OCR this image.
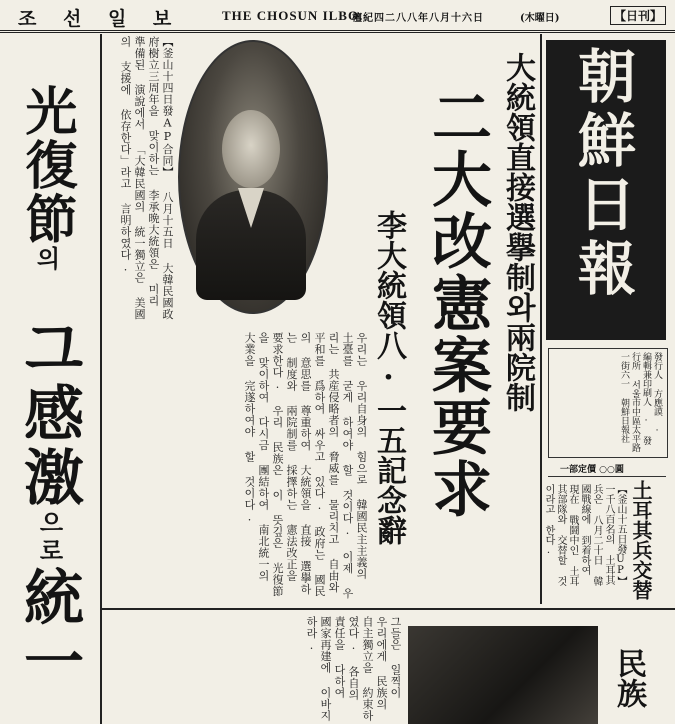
조 선 일 보	THE CHOSUN ILBO.
檀紀四二八八年八月十六日	(木曜日)	【日刊】
光復節의
그感激으로統一
【釜山十四日發AP合同】 八月十五日 大韓民國政府樹立三周年을 맞이하는 李承晩大統領은 미리 準備된 演說에서 「大韓民國의 統一獨立은 美國의 支援에 依存한다」라고 言明하였다.	大統領直接選擧制와兩院制
二大改憲案要求
李大統領八·一五記念辭
우리는 우리自身의 힘으로 韓國民主主義의 土臺를 굳게 하여야 할 것이다. 이제 우리는 共産侵略者의 脅威를 물리치고 自由와 平和를 爲하여 싸우고 있다. 政府는 國民의 意思를 尊重하여 大統領을 直接 選擧하는 制度와 兩院制를 採擇하는 憲法改正을 要求한다. 우리 民族은 이 뜻깊은 光復節을 맞이하여 다시금 團結하여 南北統一의 大業을 完遂하여야 할 것이다.
朝鮮日報
發行人 方應謨 · 編輯兼印刷人 · 發行所 서울市中區太平路一街六一 朝鮮日報社
一部定價 ○○圓
土耳其兵交替
【釜山十五日發UP】 一千八百名의 土耳其兵은 八月二十日 韓國戰線에 到着하여 現在 戰鬪中인 土耳其部隊와 交替할 것이라고 한다.
그들은 일찍이 우리에게 民族의 自主獨立을 約束하였다. 各自의 責任을 다하여 國家再建에 이바지하라.
民族
